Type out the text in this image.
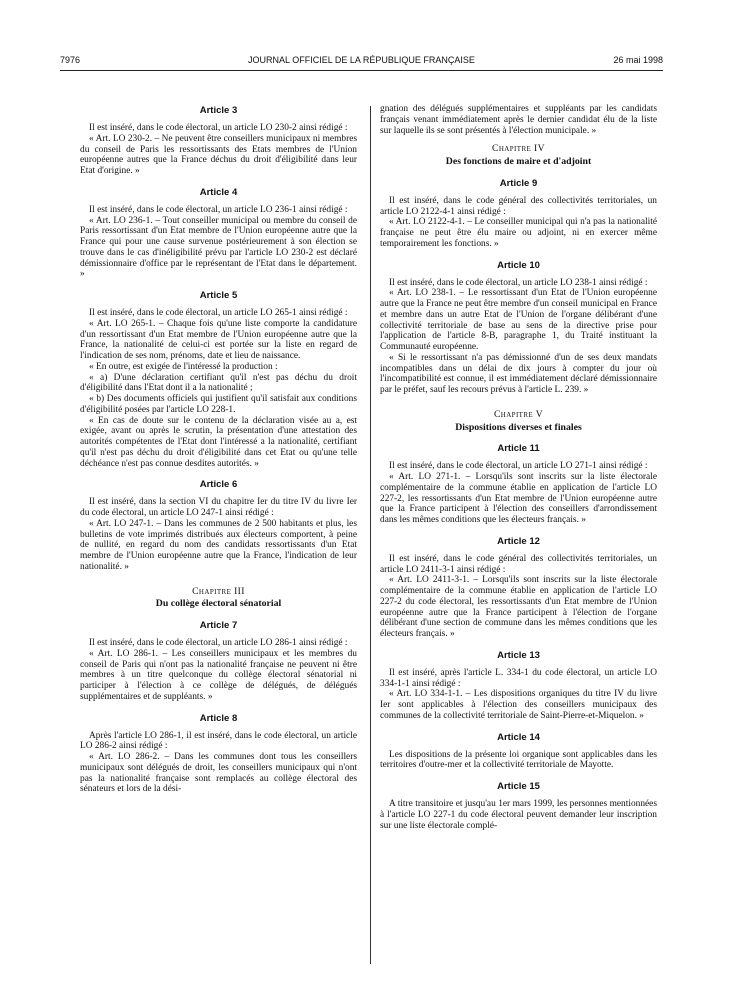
7976	JOURNAL OFFICIEL DE LA RÉPUBLIQUE FRANÇAISE	26 mai 1998
Article 3

Il est inséré, dans le code électoral, un article LO 230-2 ainsi rédigé :

« Art. LO 230-2. – Ne peuvent être conseillers municipaux ni membres du conseil de Paris les ressortissants des Etats membres de l'Union européenne autres que la France déchus du droit d'éligibilité dans leur Etat d'origine. »

Article 4

Il est inséré, dans le code électoral, un article LO 236-1 ainsi rédigé :

« Art. LO 236-1. – Tout conseiller municipal ou membre du conseil de Paris ressortissant d'un Etat membre de l'Union européenne autre que la France qui pour une cause survenue postérieurement à son élection se trouve dans le cas d'inéligibilité prévu par l'article LO 230-2 est déclaré démissionnaire d'office par le représentant de l'Etat dans le département. »

Article 5

Il est inséré, dans le code électoral, un article LO 265-1 ainsi rédigé :

« Art. LO 265-1. – Chaque fois qu'une liste comporte la candidature d'un ressortissant d'un Etat membre de l'Union européenne autre que la France, la nationalité de celui-ci est portée sur la liste en regard de l'indication de ses nom, prénoms, date et lieu de naissance.

« En outre, est exigée de l'intéressé la production :

« a) D'une déclaration certifiant qu'il n'est pas déchu du droit d'éligibilité dans l'Etat dont il a la nationalité ;

« b) Des documents officiels qui justifient qu'il satisfait aux conditions d'éligibilité posées par l'article LO 228-1.

« En cas de doute sur le contenu de la déclaration visée au a, est exigée, avant ou après le scrutin, la présentation d'une attestation des autorités compétentes de l'Etat dont l'intéressé a la nationalité, certifiant qu'il n'est pas déchu du droit d'éligibilité dans cet Etat ou qu'une telle déchéance n'est pas connue desdites autorités. »

Article 6

Il est inséré, dans la section VI du chapitre Ier du titre IV du livre Ier du code électoral, un article LO 247-1 ainsi rédigé :

« Art. LO 247-1. – Dans les communes de 2 500 habitants et plus, les bulletins de vote imprimés distribués aux électeurs comportent, à peine de nullité, en regard du nom des candidats ressortissants d'un Etat membre de l'Union européenne autre que la France, l'indication de leur nationalité. »

Chapitre III
Du collège électoral sénatorial
Article 7

Il est inséré, dans le code électoral, un article LO 286-1 ainsi rédigé :

« Art. LO 286-1. – Les conseillers municipaux et les membres du conseil de Paris qui n'ont pas la nationalité française ne peuvent ni être membres à un titre quelconque du collège électoral sénatorial ni participer à l'élection à ce collège de délégués, de délégués supplémentaires et de suppléants. »

Article 8

Après l'article LO 286-1, il est inséré, dans le code électoral, un article LO 286-2 ainsi rédigé :

« Art. LO 286-2. – Dans les communes dont tous les conseillers municipaux sont délégués de droit, les conseillers municipaux qui n'ont pas la nationalité française sont remplacés au collège électoral des sénateurs et lors de la dési-

gnation des délégués supplémentaires et suppléants par les candidats français venant immédiatement après le dernier candidat élu de la liste sur laquelle ils se sont présentés à l'élection municipale. »

Chapitre IV
Des fonctions de maire et d'adjoint
Article 9

Il est inséré, dans le code général des collectivités territoriales, un article LO 2122-4-1 ainsi rédigé :

« Art. LO 2122-4-1. – Le conseiller municipal qui n'a pas la nationalité française ne peut être élu maire ou adjoint, ni en exercer même temporairement les fonctions. »

Article 10

Il est inséré, dans le code électoral, un article LO 238-1 ainsi rédigé :

« Art. LO 238-1. – Le ressortissant d'un Etat de l'Union européenne autre que la France ne peut être membre d'un conseil municipal en France et membre dans un autre Etat de l'Union de l'organe délibérant d'une collectivité territoriale de base au sens de la directive prise pour l'application de l'article 8-B, paragraphe 1, du Traité instituant la Communauté européenne.

« Si le ressortissant n'a pas démissionné d'un de ses deux mandats incompatibles dans un délai de dix jours à compter du jour où l'incompatibilité est connue, il est immédiatement déclaré démissionnaire par le préfet, sauf les recours prévus à l'article L. 239. »

Chapitre V
Dispositions diverses et finales
Article 11

Il est inséré, dans le code électoral, un article LO 271-1 ainsi rédigé :

« Art. LO 271-1. – Lorsqu'ils sont inscrits sur la liste électorale complémentaire de la commune établie en application de l'article LO 227-2, les ressortissants d'un Etat membre de l'Union européenne autre que la France participent à l'élection des conseillers d'arrondissement dans les mêmes conditions que les électeurs français. »

Article 12

Il est inséré, dans le code général des collectivités territoriales, un article LO 2411-3-1 ainsi rédigé :

« Art. LO 2411-3-1. – Lorsqu'ils sont inscrits sur la liste électorale complémentaire de la commune établie en application de l'article LO 227-2 du code électoral, les ressortissants d'un Etat membre de l'Union européenne autre que la France participent à l'élection de l'organe délibérant d'une section de commune dans les mêmes conditions que les électeurs français. »

Article 13

Il est inséré, après l'article L. 334-1 du code électoral, un article LO 334-1-1 ainsi rédigé :

« Art. LO 334-1-1. – Les dispositions organiques du titre IV du livre Ier sont applicables à l'élection des conseillers municipaux des communes de la collectivité territoriale de Saint-Pierre-et-Miquelon. »

Article 14

Les dispositions de la présente loi organique sont applicables dans les territoires d'outre-mer et la collectivité territoriale de Mayotte.

Article 15

A titre transitoire et jusqu'au 1er mars 1999, les personnes mentionnées à l'article LO 227-1 du code électoral peuvent demander leur inscription sur une liste électorale complé-
